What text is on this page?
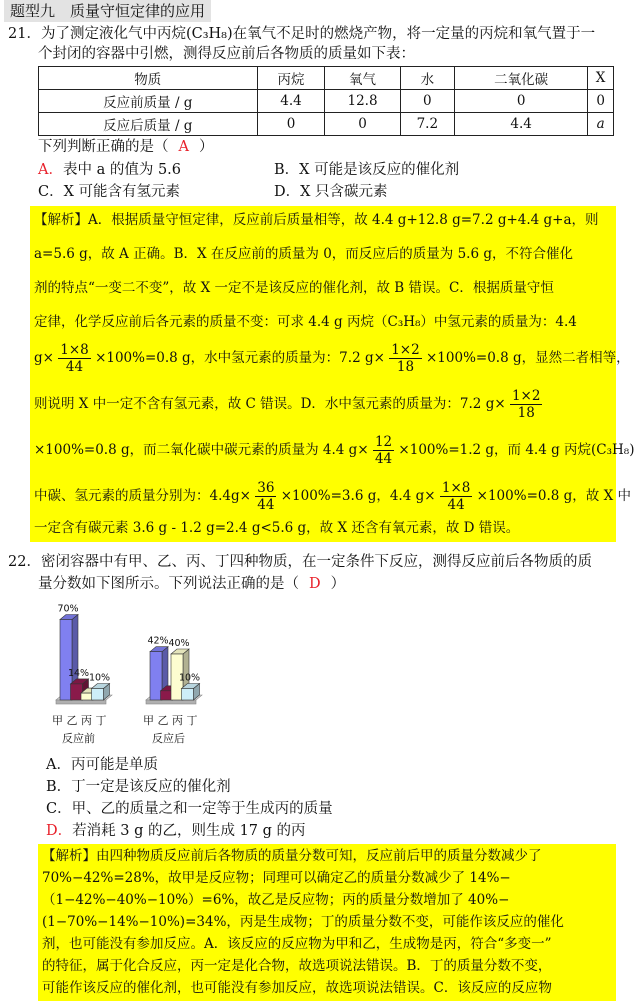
题型九　质量守恒定律的应用
21．为了测定液化气中丙烷(C₃H₈)在氧气不足时的燃烧产物，将一定量的丙烷和氧气置于一
个封闭的容器中引燃，测得反应前后各物质的质量如下表：
物质	丙烷	氧气	水	二氧化碳	X
反应前质量 / g	4.4	12.8	0	0	0
反应后质量 / g	0	0	7.2	4.4	a
下列判断正确的是（ A ）
A．表中 a 的值为 5.6	B．X 可能是该反应的催化剂
C．X 可能含有氢元素	D．X 只含碳元素
【解析】A．根据质量守恒定律，反应前后质量相等，故 4.4 g+12.8 g=7.2 g+4.4 g+a，则
a=5.6 g，故 A 正确。B．X 在反应前的质量为 0，而反应后的质量为 5.6 g，不符合催化
剂的特点“一变二不变”，故 X 一定不是该反应的催化剂，故 B 错误。C．根据质量守恒
定律，化学反应前后各元素的质量不变：可求 4.4 g 丙烷（C₃H₈）中氢元素的质量为：4.4
$g\times \frac{1\times 8}{44} \times 100\%=0.8$ g，水中氢元素的质量为：7.2 $g\times \frac{1\times 2}{18} \times 100\%=0.8$ g，显然二者相等，
则说明 X 中一定不含有氢元素，故 C 错误。D．水中氢元素的质量为：7.2 $g\times \frac{1\times 2}{18}$
×100%=0.8 g，而二氧化碳中碳元素的质量为 4.4 $g\times \frac{12}{44} \times 100\%=1.2$ g，而 4.4 g 丙烷(C₃H₈)
中碳、氢元素的质量分别为：$4.4g\times \frac{36}{44} \times 100\%=3.6$ g，4.4 $g\times \frac{1\times 8}{44} \times 100\%=0.8$ g，故 X 中
一定含有碳元素 3.6 g - 1.2 g=2.4 g<5.6 g，故 X 还含有氧元素，故 D 错误。
22．密闭容器中有甲、乙、丙、丁四种物质，在一定条件下反应，测得反应前后各物质的质
量分数如下图所示。下列说法正确的是（ D ）
70%
14% 10%
42% 40%
10%
甲 乙 丙 丁	甲 乙 丙 丁
反应前	反应后
A．丙可能是单质
B．丁一定是该反应的催化剂
C．甲、乙的质量之和一定等于生成丙的质量
D．若消耗 3 g 的乙，则生成 17 g 的丙
【解析】由四种物质反应前后各物质的质量分数可知，反应前后甲的质量分数减少了
70%−42%=28%，故甲是反应物；同理可以确定乙的质量分数减少了 14%−
（1−42%−40%−10%）=6%，故乙是反应物；丙的质量分数增加了 40%−
(1−70%−14%−10%)=34%，丙是生成物；丁的质量分数不变，可能作该反应的催化
剂，也可能没有参加反应。A．该反应的反应物为甲和乙，生成物是丙，符合“多变一”
的特征，属于化合反应，丙一定是化合物，故选项说法错误。B．丁的质量分数不变，
可能作该反应的催化剂，也可能没有参加反应，故选项说法错误。C．该反应的反应物
